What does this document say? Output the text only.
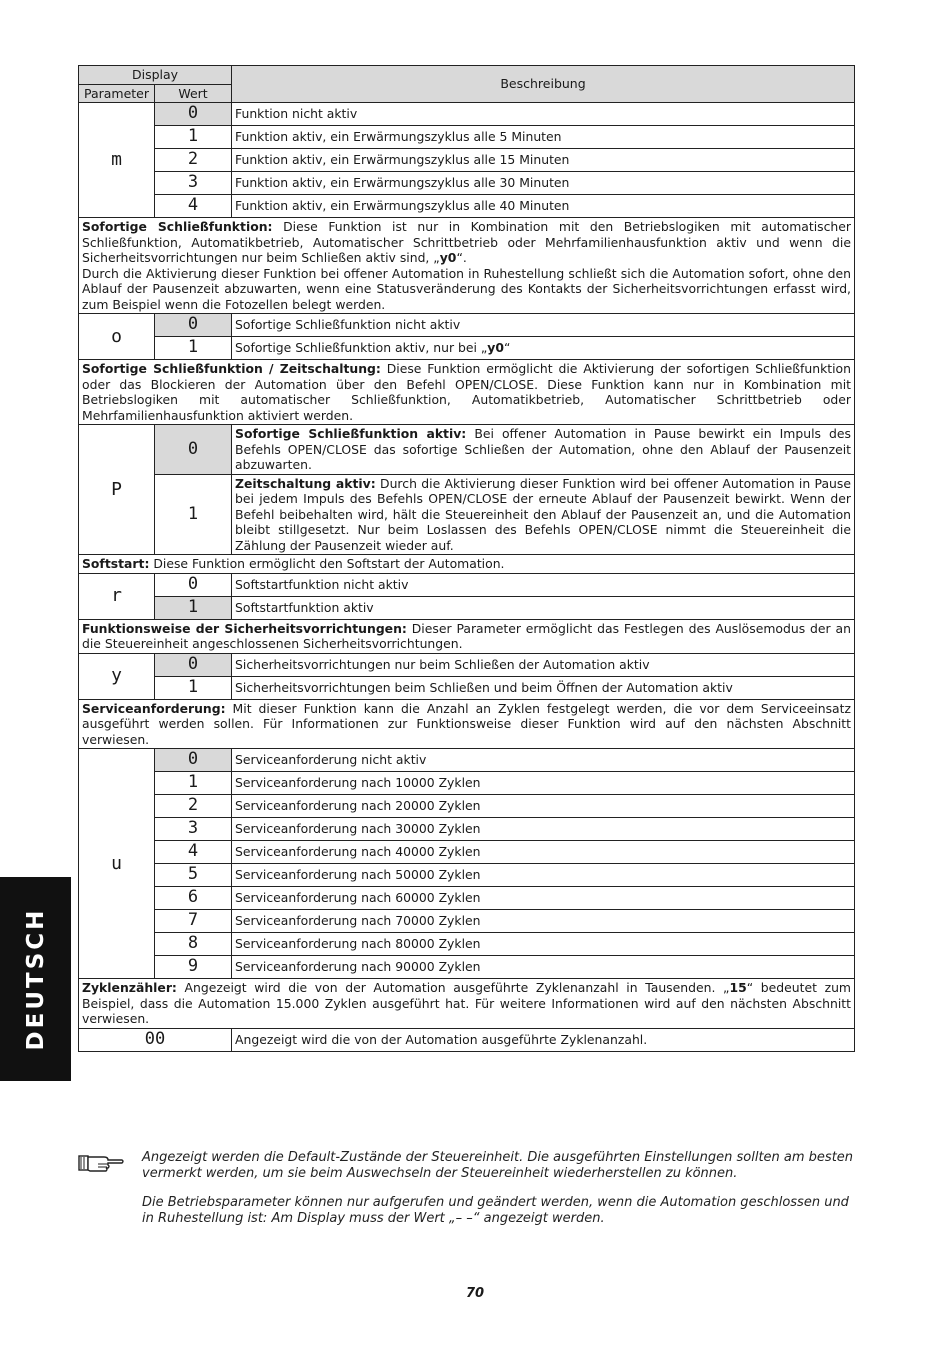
Display		Beschreibung
Parameter	Wert	
m	0	Funktion nicht aktiv
	1	Funktion aktiv, ein Erwärmungszyklus alle 5 Minuten
	2	Funktion aktiv, ein Erwärmungszyklus alle 15 Minuten
	3	Funktion aktiv, ein Erwärmungszyklus alle 30 Minuten
	4	Funktion aktiv, ein Erwärmungszyklus alle 40 Minuten
Sofortige Schließfunktion: Diese Funktion ist nur in Kombination mit den Betriebslogiken mit automatischer Schließfunktion, Automatikbetrieb, Automatischer Schrittbetrieb oder Mehrfamilienhausfunktion aktiv und wenn die Sicherheitsvorrichtungen nur beim Schließen aktiv sind, „y0“.
Durch die Aktivierung dieser Funktion bei offener Automation in Ruhestellung schließt sich die Automation sofort, ohne den Ablauf der Pausenzeit abzuwarten, wenn eine Statusveränderung des Kontakts der Sicherheitsvorrichtungen erfasst wird, zum Beispiel wenn die Fotozellen belegt werden.		
o	0	Sofortige Schließfunktion nicht aktiv
	1	Sofortige Schließfunktion aktiv, nur bei „y0“
Sofortige Schließfunktion / Zeitschaltung: Diese Funktion ermöglicht die Aktivierung der sofortigen Schließfunktion oder das Blockieren der Automation über den Befehl OPEN/CLOSE. Diese Funktion kann nur in Kombination mit Betriebslogiken mit automatischer Schließfunktion, Automatikbetrieb, Automatischer Schrittbetrieb oder Mehrfamilienhausfunktion aktiviert werden.		
P	0	Sofortige Schließfunktion aktiv: Bei offener Automation in Pause bewirkt ein Impuls des Befehls OPEN/CLOSE das sofortige Schließen der Automation, ohne den Ablauf der Pausenzeit abzuwarten.
	1	Zeitschaltung aktiv: Durch die Aktivierung dieser Funktion wird bei offener Automation in Pause bei jedem Impuls des Befehls OPEN/CLOSE der erneute Ablauf der Pausenzeit bewirkt. Wenn der Befehl beibehalten wird, hält die Steuereinheit den Ablauf der Pausenzeit an, und die Automation bleibt stillgesetzt. Nur beim Loslassen des Befehls OPEN/CLOSE nimmt die Steuereinheit die Zählung der Pausenzeit wieder auf.
Softstart: Diese Funktion ermöglicht den Softstart der Automation.		
r	0	Softstartfunktion nicht aktiv
	1	Softstartfunktion aktiv
Funktionsweise der Sicherheitsvorrichtungen: Dieser Parameter ermöglicht das Festlegen des Auslösemodus der an die Steuereinheit angeschlossenen Sicherheitsvorrichtungen.		
y	0	Sicherheitsvorrichtungen nur beim Schließen der Automation aktiv
	1	Sicherheitsvorrichtungen beim Schließen und beim Öffnen der Automation aktiv
Serviceanforderung: Mit dieser Funktion kann die Anzahl an Zyklen festgelegt werden, die vor dem Serviceeinsatz ausgeführt werden sollen. Für Informationen zur Funktionsweise dieser Funktion wird auf den nächsten Abschnitt verwiesen.		
u	0	Serviceanforderung nicht aktiv
	1	Serviceanforderung nach 10000 Zyklen
	2	Serviceanforderung nach 20000 Zyklen
	3	Serviceanforderung nach 30000 Zyklen
	4	Serviceanforderung nach 40000 Zyklen
	5	Serviceanforderung nach 50000 Zyklen
	6	Serviceanforderung nach 60000 Zyklen
	7	Serviceanforderung nach 70000 Zyklen
	8	Serviceanforderung nach 80000 Zyklen
	9	Serviceanforderung nach 90000 Zyklen
Zyklenzähler: Angezeigt wird die von der Automation ausgeführte Zyklenanzahl in Tausenden. „15“ bedeutet zum Beispiel, dass die Automation 15.000 Zyklen ausgeführt hat. Für weitere Informationen wird auf den nächsten Abschnitt verwiesen.		
00		Angezeigt wird die von der Automation ausgeführte Zyklenanzahl.
Angezeigt werden die Default-Zustände der Steuereinheit. Die ausgeführten Einstellungen sollten am besten vermerkt werden, um sie beim Auswechseln der Steuereinheit wiederherstellen zu können.
Die Betriebsparameter können nur aufgerufen und geändert werden, wenn die Automation geschlossen und in Ruhestellung ist: Am Display muss der Wert „– –“ angezeigt werden.
DEUTSCH
70
